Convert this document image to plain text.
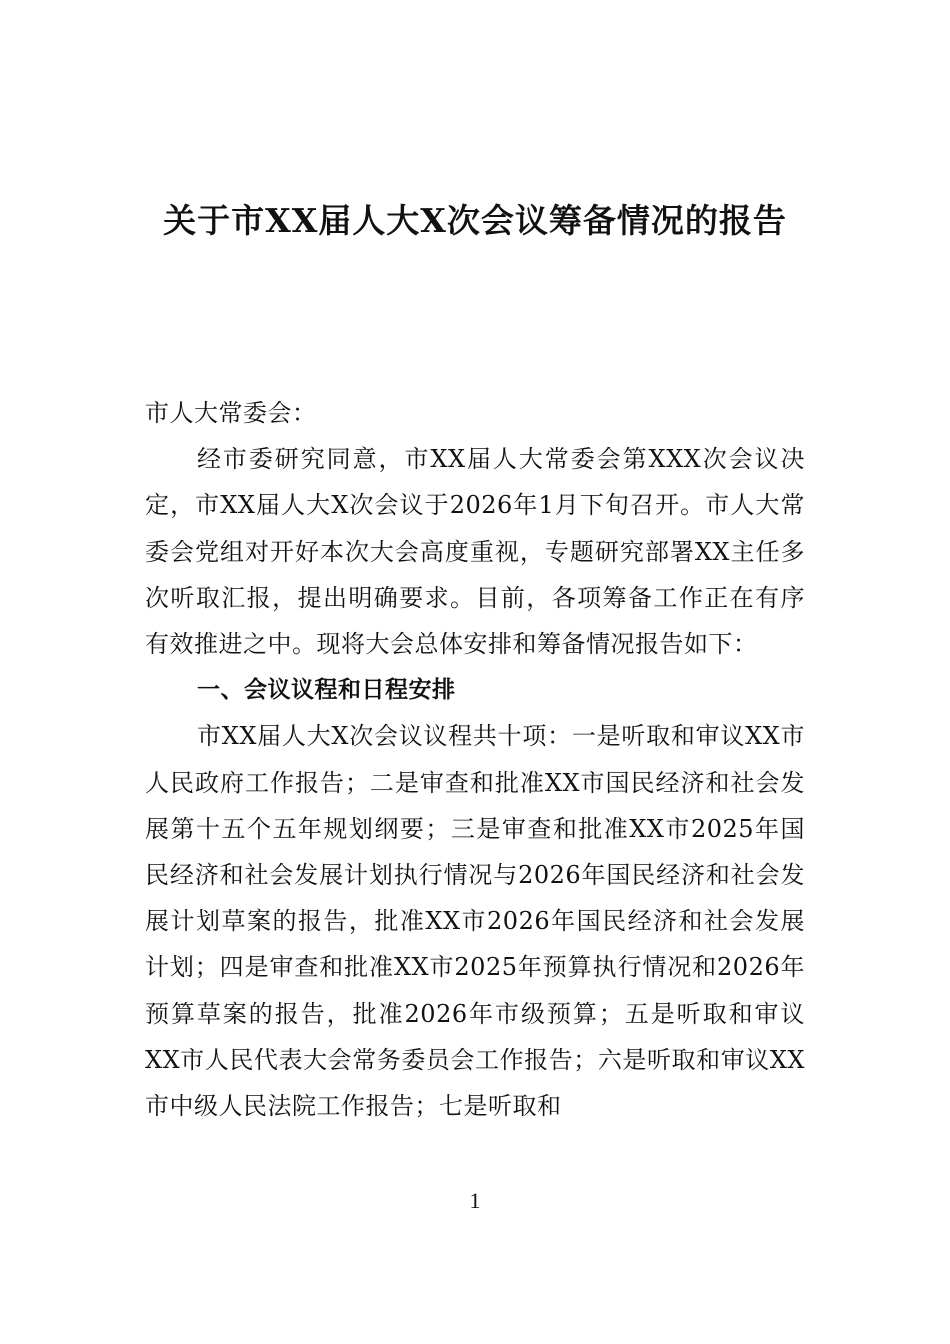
关于市XX届人大X次会议筹备情况的报告

市人大常委会：

经市委研究同意，市XX届人大常委会第XXX次会议决定，市XX届人大X次会议于2026年1月下旬召开。市人大常委会党组对开好本次大会高度重视，专题研究部署XX主任多次听取汇报，提出明确要求。目前，各项筹备工作正在有序有效推进之中。现将大会总体安排和筹备情况报告如下：

一、会议议程和日程安排

市XX届人大X次会议议程共十项：一是听取和审议XX市人民政府工作报告；二是审查和批准XX市国民经济和社会发展第十五个五年规划纲要；三是审查和批准XX市2025年国民经济和社会发展计划执行情况与2026年国民经济和社会发展计划草案的报告，批准XX市2026年国民经济和社会发展计划；四是审查和批准XX市2025年预算执行情况和2026年预算草案的报告，批准2026年市级预算；五是听取和审议XX市人民代表大会常务委员会工作报告；六是听取和审议XX市中级人民法院工作报告；七是听取和

1
